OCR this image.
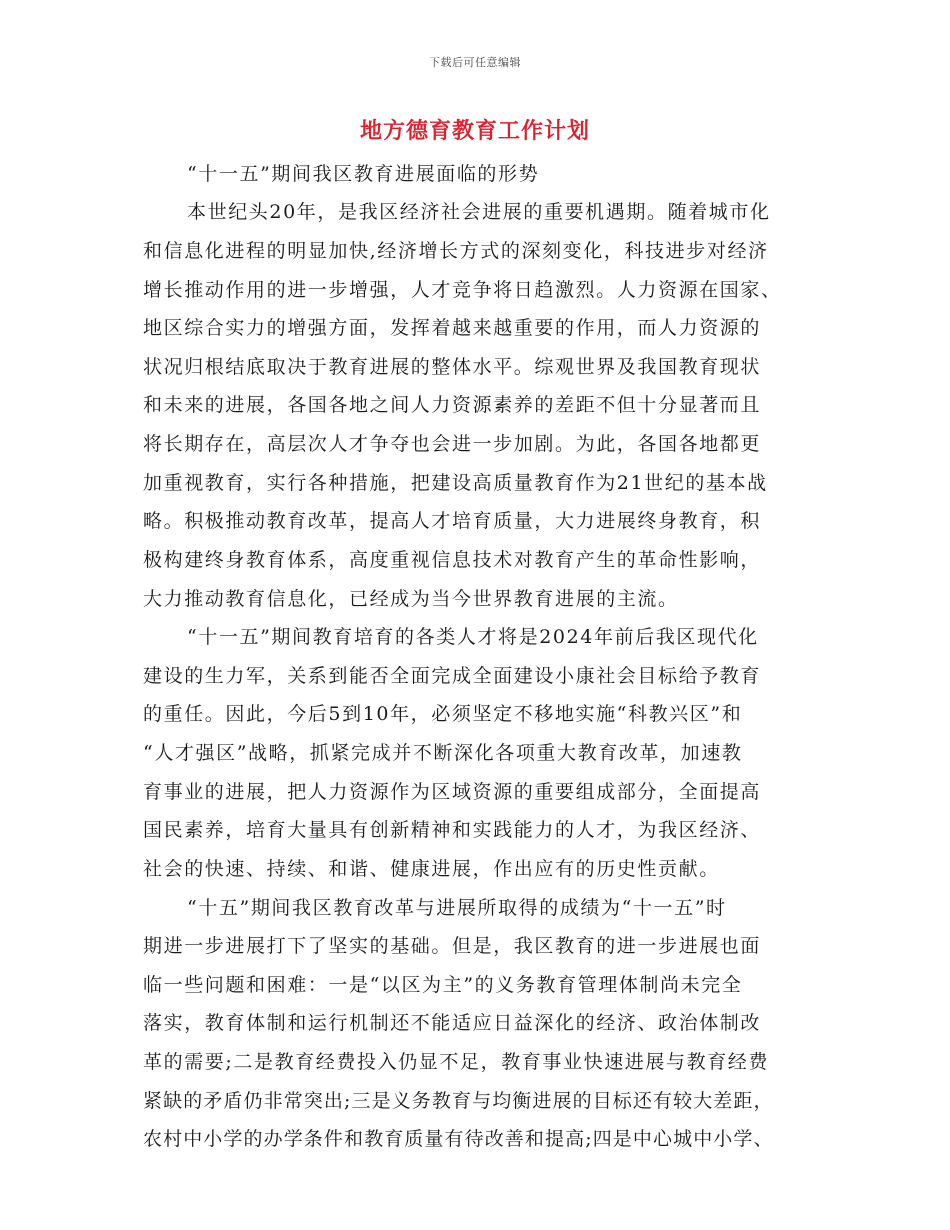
下载后可任意编辑
地方德育教育工作计划
“十一五”期间我区教育进展面临的形势
本世纪头20年，是我区经济社会进展的重要机遇期。随着城市化
和信息化进程的明显加快,经济增长方式的深刻变化，科技进步对经济
增长推动作用的进一步增强，人才竞争将日趋激烈。人力资源在国家、
地区综合实力的增强方面，发挥着越来越重要的作用，而人力资源的
状况归根结底取决于教育进展的整体水平。综观世界及我国教育现状
和未来的进展，各国各地之间人力资源素养的差距不但十分显著而且
将长期存在，高层次人才争夺也会进一步加剧。为此，各国各地都更
加重视教育，实行各种措施，把建设高质量教育作为21世纪的基本战
略。积极推动教育改革，提高人才培育质量，大力进展终身教育，积
极构建终身教育体系，高度重视信息技术对教育产生的革命性影响，
大力推动教育信息化，已经成为当今世界教育进展的主流。
“十一五”期间教育培育的各类人才将是2024年前后我区现代化
建设的生力军，关系到能否全面完成全面建设小康社会目标给予教育
的重任。因此，今后5到10年，必须坚定不移地实施“科教兴区”和
“人才强区”战略，抓紧完成并不断深化各项重大教育改革，加速教
育事业的进展，把人力资源作为区域资源的重要组成部分，全面提高
国民素养，培育大量具有创新精神和实践能力的人才，为我区经济、
社会的快速、持续、和谐、健康进展，作出应有的历史性贡献。
“十五”期间我区教育改革与进展所取得的成绩为“十一五”时
期进一步进展打下了坚实的基础。但是，我区教育的进一步进展也面
临一些问题和困难：一是“以区为主”的义务教育管理体制尚未完全
落实，教育体制和运行机制还不能适应日益深化的经济、政治体制改
革的需要;二是教育经费投入仍显不足，教育事业快速进展与教育经费
紧缺的矛盾仍非常突出;三是义务教育与均衡进展的目标还有较大差距，
农村中小学的办学条件和教育质量有待改善和提高;四是中心城中小学、
